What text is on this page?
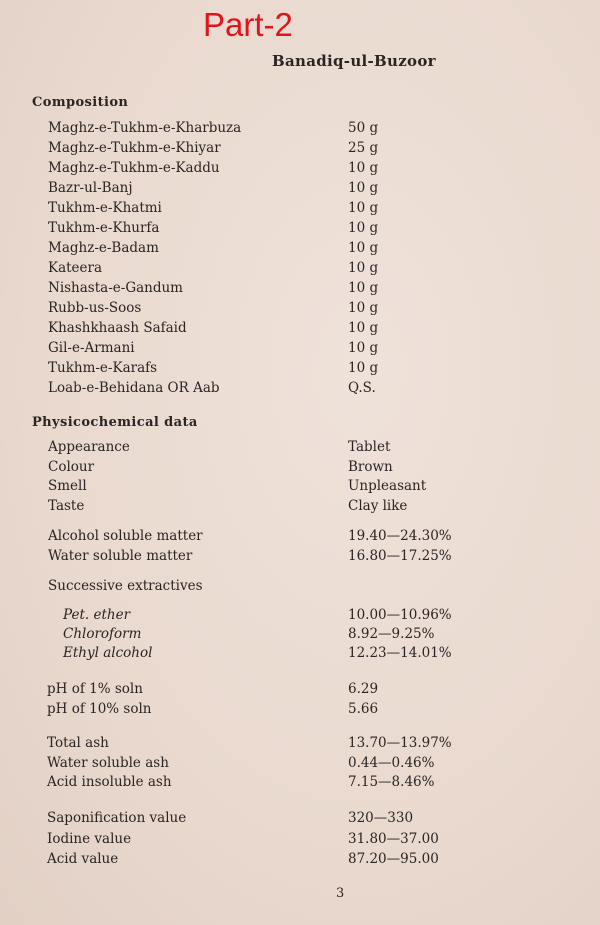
Part-2
Banadiq-ul-Buzoor
Composition
Maghz-e-Tukhm-e-Kharbuza	50 g
Maghz-e-Tukhm-e-Khiyar	25 g
Maghz-e-Tukhm-e-Kaddu	10 g
Bazr-ul-Banj	10 g
Tukhm-e-Khatmi	10 g
Tukhm-e-Khurfa	10 g
Maghz-e-Badam	10 g
Kateera	10 g
Nishasta-e-Gandum	10 g
Rubb-us-Soos	10 g
Khashkhaash Safaid	10 g
Gil-e-Armani	10 g
Tukhm-e-Karafs	10 g
Loab-e-Behidana OR Aab	Q.S.
Physicochemical data
Appearance	Tablet
Colour	Brown
Smell	Unpleasant
Taste	Clay like
Alcohol soluble matter	19.40—24.30%
Water soluble matter	16.80—17.25%
Pet. ether	10.00—10.96%
Chloroform	8.92—9.25%
Ethyl alcohol	12.23—14.01%
pH of 1% soln	6.29
pH of 10% soln	5.66
Total ash	13.70—13.97%
Water soluble ash	0.44—0.46%
Acid insoluble ash	7.15—8.46%
Saponification value	320—330
Iodine value	31.80—37.00
Acid value	87.20—95.00
Successive extractives
3
